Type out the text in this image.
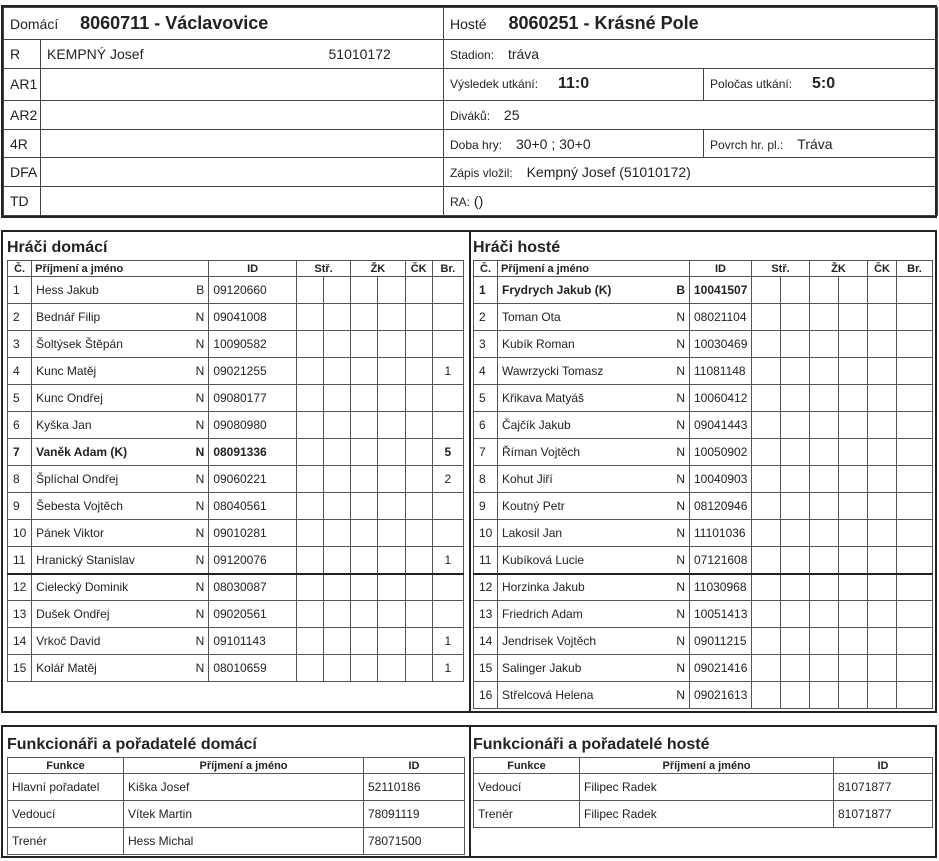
Domácí 8060711 - Václavovice			Hosté 8060251 - Krásné Pole	
R	KEMPNÝ Josef	51010172	Stadion: tráva	
AR1			Výsledek utkání: 11:0	Poločas utkání: 5:0
AR2			Diváků: 25	
4R			Doba hry: 30+0 ; 30+0	Povrch hr. pl.: Tráva
DFA			Zápis vložil: Kempný Josef (51010172)	
TD			RA: ()	
Hráči domácí
Č.	Příjmení a jméno		ID	Stř.		ŽK		ČK	Br.
1	Hess Jakub	B	09120660						
2	Bednář Filip	N	09041008						
3	Šoltýsek Štěpán	N	10090582						
4	Kunc Matěj	N	09021255						1
5	Kunc Ondřej	N	09080177						
6	Kyška Jan	N	09080980						
7	Vaněk Adam (K)	N	08091336						5
8	Šplíchal Ondřej	N	09060221						2
9	Šebesta Vojtěch	N	08040561						
10	Pánek Viktor	N	09010281						
11	Hranický Stanislav	N	09120076						1
12	Cielecký Dominik	N	08030087						
13	Dušek Ondřej	N	09020561						
14	Vrkoč David	N	09101143						1
15	Kolář Matěj	N	08010659						1
Hráči hosté
Č.	Příjmení a jméno		ID	Stř.		ŽK		ČK	Br.
1	Frydrych Jakub (K)	B	10041507						
2	Toman Ota	N	08021104						
3	Kubík Roman	N	10030469						
4	Wawrzycki Tomasz	N	11081148						
5	Křikava Matyáš	N	10060412						
6	Čajčík Jakub	N	09041443						
7	Říman Vojtěch	N	10050902						
8	Kohut Jiří	N	10040903						
9	Koutný Petr	N	08120946						
10	Lakosil Jan	N	11101036						
11	Kubíková Lucie	N	07121608						
12	Horzinka Jakub	N	11030968						
13	Friedrich Adam	N	10051413						
14	Jendrisek Vojtěch	N	09011215						
15	Salinger Jakub	N	09021416						
16	Střelcová Helena	N	09021613						
Funkcionáři a pořadatelé domácí
Funkce	Příjmení a jméno	ID
Hlavní pořadatel	Kiška Josef	52110186
Vedoucí	Vítek Martin	78091119
Trenér	Hess Michal	78071500
Funkcionáři a pořadatelé hosté
Funkce	Příjmení a jméno	ID
Vedoucí	Filipec Radek	81071877
Trenér	Filipec Radek	81071877
